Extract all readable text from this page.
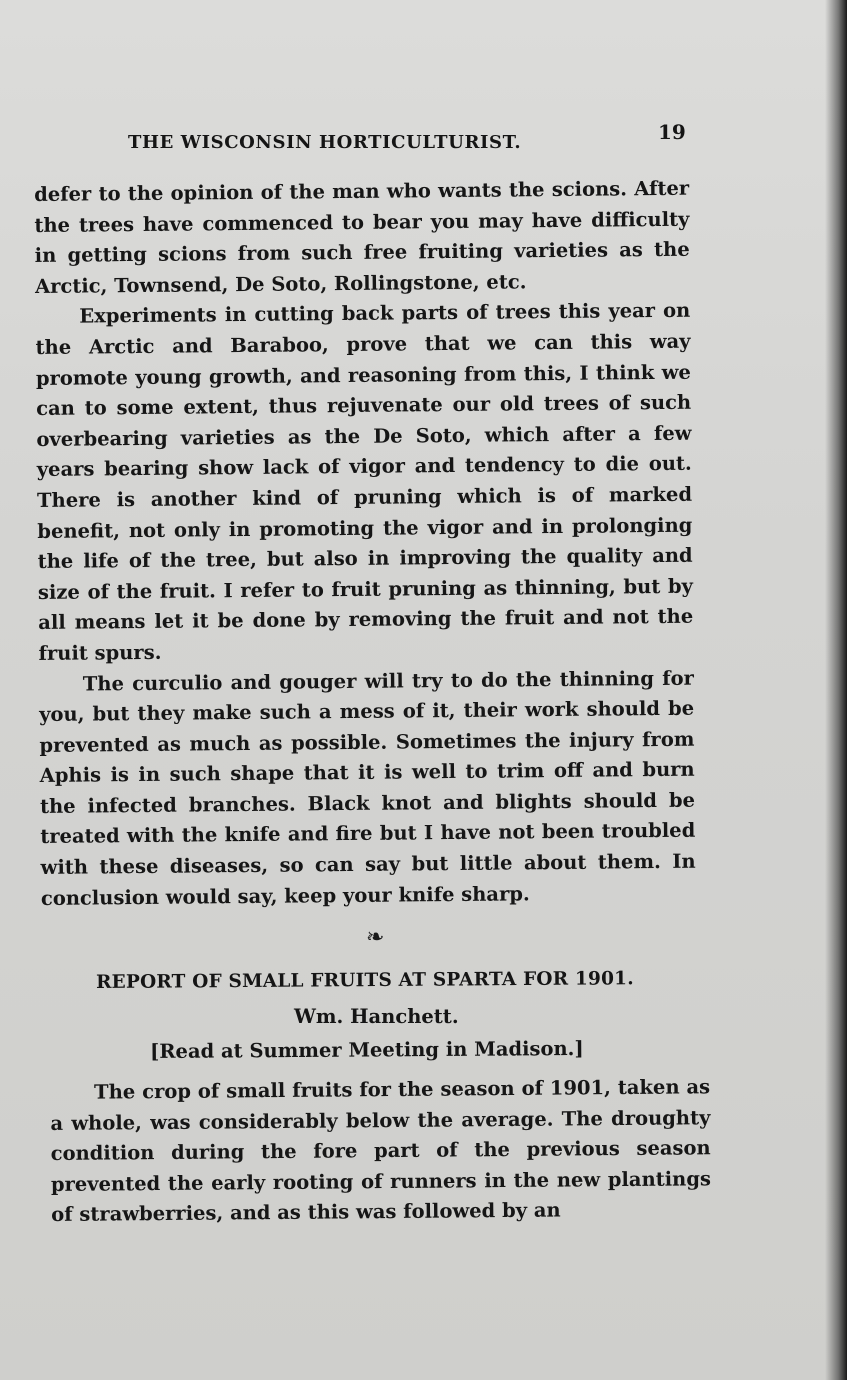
THE WISCONSIN HORTICULTURIST.	19

defer to the opinion of the man who wants the scions. After the trees have commenced to bear you may have difficulty in getting scions from such free fruiting varieties as the Arctic, Townsend, De Soto, Rollingstone, etc.

Experiments in cutting back parts of trees this year on the Arctic and Baraboo, prove that we can this way promote young growth, and reasoning from this, I think we can to some extent, thus rejuvenate our old trees of such overbearing varieties as the De Soto, which after a few years bearing show lack of vigor and tendency to die out. There is another kind of pruning which is of marked benefit, not only in promoting the vigor and in prolonging the life of the tree, but also in improving the quality and size of the fruit. I refer to fruit pruning as thinning, but by all means let it be done by removing the fruit and not the fruit spurs.

The curculio and gouger will try to do the thinning for you, but they make such a mess of it, their work should be prevented as much as possible. Sometimes the injury from Aphis is in such shape that it is well to trim off and burn the infected branches. Black knot and blights should be treated with the knife and fire but I have not been troubled with these diseases, so can say but little about them. In conclusion would say, keep your knife sharp.

❧
REPORT OF SMALL FRUITS AT SPARTA FOR 1901.
Wm. Hanchett.
[Read at Summer Meeting in Madison.]

The crop of small fruits for the season of 1901, taken as a whole, was considerably below the average. The droughty condition during the fore part of the previous season prevented the early rooting of runners in the new plantings of strawberries, and as this was followed by an
